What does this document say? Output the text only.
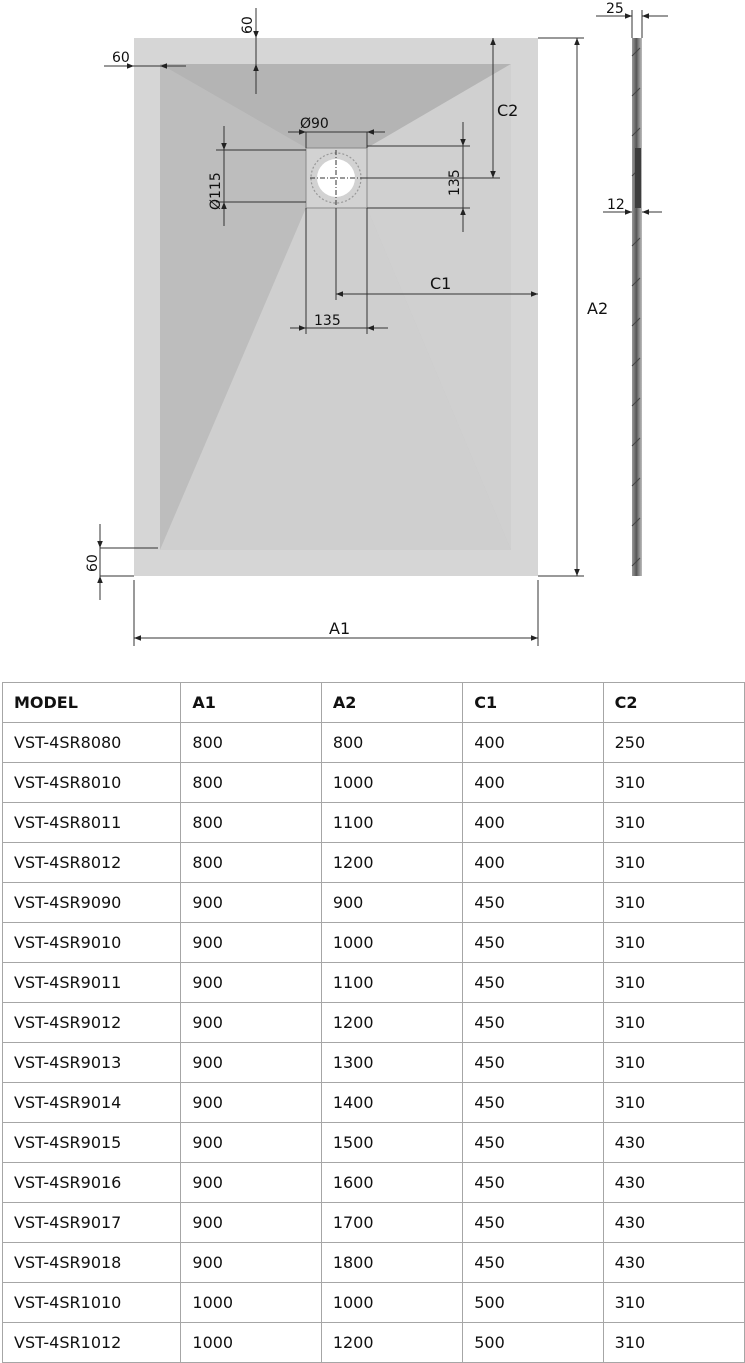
60
60
60
Ø90
Ø115	135
135
C1
C2
A2
A1
25
12
MODEL	A1	A2	C1	C2
VST-4SR8080	800	800	400	250
VST-4SR8010	800	1000	400	310
VST-4SR8011	800	1100	400	310
VST-4SR8012	800	1200	400	310
VST-4SR9090	900	900	450	310
VST-4SR9010	900	1000	450	310
VST-4SR9011	900	1100	450	310
VST-4SR9012	900	1200	450	310
VST-4SR9013	900	1300	450	310
VST-4SR9014	900	1400	450	310
VST-4SR9015	900	1500	450	430
VST-4SR9016	900	1600	450	430
VST-4SR9017	900	1700	450	430
VST-4SR9018	900	1800	450	430
VST-4SR1010	1000	1000	500	310
VST-4SR1012	1000	1200	500	310
